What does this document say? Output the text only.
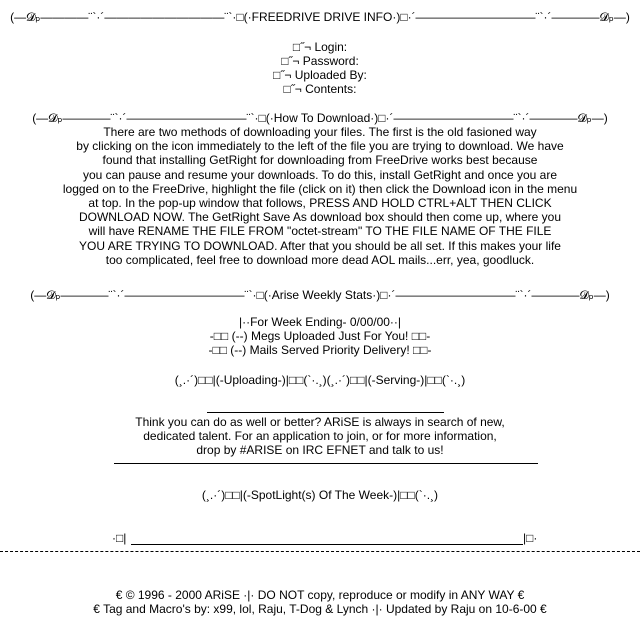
(—𝓓ₚ————¨`·´——————————¨`·□(·FREEDRIVE DRIVE INFO·)□·´——————————¨`·´————𝓓ₚ—)
□˝¬ Login:
□˝¬ Password:
□˝¬ Uploaded By:
□˝¬ Contents:
(—𝓓ₚ————¨`·´——————————¨`·□(·How To Download·)□·´——————————¨`·´————𝓓ₚ—)
There are two methods of downloading your files. The first is the old fasioned way
by clicking on the icon immediately to the left of the file you are trying to download. We have
found that installing GetRight for downloading from FreeDrive works best because
you can pause and resume your downloads. To do this, install GetRight and once you are
logged on to the FreeDrive, highlight the file (click on it) then click the Download icon in the menu
at top. In the pop-up window that follows, PRESS AND HOLD CTRL+ALT THEN CLICK
DOWNLOAD NOW. The GetRight Save As download box should then come up, where you
will have RENAME THE FILE FROM "octet-stream" TO THE FILE NAME OF THE FILE
YOU ARE TRYING TO DOWNLOAD. After that you should be all set. If this makes your life
too complicated, feel free to download more dead AOL mails...err, yea, goodluck.
(—𝓓ₚ————¨`·´——————————¨`·□(·Arise Weekly Stats·)□·´——————————¨`·´————𝓓ₚ—)
|··For Week Ending- 0/00/00··|
-□□ (--) Megs Uploaded Just For You! □□-
-□□ (--) Mails Served Priority Delivery! □□-
(¸.·´)□□|(-Uploading-)|□□(`·.¸)(¸.·´)□□|(-Serving-)|□□(`·.¸)
Think you can do as well or better? ARiSE is always in search of new,
dedicated talent. For an application to join, or for more information,
drop by #ARISE on IRC EFNET and talk to us!
(¸.·´)□□|(-SpotLight(s) Of The Week-)|□□(`·.¸)
·□|	|□·
€ © 1996 - 2000 ARiSE ·|· DO NOT copy, reproduce or modify in ANY WAY €
€ Tag and Macro's by: x99, lol, Raju, T-Dog & Lynch ·|· Updated by Raju on 10-6-00 €
